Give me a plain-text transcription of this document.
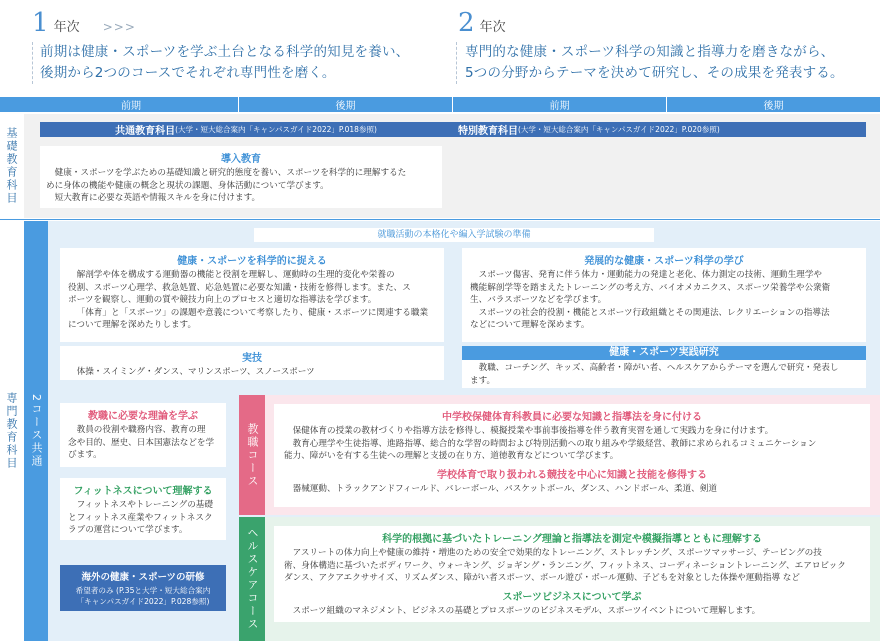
1 年次 >>>
前期は健康・スポーツを学ぶ土台となる科学的知見を養い、
後期から2つのコースでそれぞれ専門性を磨く。
2 年次
専門的な健康・スポーツ科学の知識と指導力を磨きながら、
5つの分野からテーマを決めて研究し、その成果を発表する。
前期	後期	前期	後期
基礎教育科目	共通教育科目 (大学・短大総合案内「キャンパスガイド2022」P.018参照)	特別教育科目 (大学・短大総合案内「キャンパスガイド2022」P.020参照)
導入教育
健康・スポーツを学ぶための基礎知識と研究的態度を養い、スポーツを科学的に理解するた
めに身体の機能や健康の概念と現状の課題、身体活動について学びます。
短大教育に必要な英語や情報スキルを身に付けます。
専門教育科目	2コース共通
就職活動の本格化や編入学試験の準備
健康・スポーツを科学的に捉える
解剖学や体を構成する運動器の機能と役割を理解し、運動時の生理的変化や栄養の
役割、スポーツ心理学、救急処置、応急処置に必要な知識・技術を修得します。また、ス
ポーツを観察し、運動の質や競技力向上のプロセスと適切な指導法を学びます。
「体育」と「スポーツ」の課題や意義について考察したり、健康・スポーツに関連する職業
について理解を深めたりします。
発展的な健康・スポーツ科学の学び
スポーツ傷害、発育に伴う体力・運動能力の発達と老化、体力測定の技術、運動生理学や
機能解剖学等を踏まえたトレーニングの考え方、バイオメカニクス、スポーツ栄養学や公衆衛
生、バラスポーツなどを学びます。
スポーツの社会的役割・機能とスポーツ行政組織とその関連法、レクリエーションの指導法
などについて理解を深めます。
実技
体操・スイミング・ダンス、マリンスポーツ、スノースポーツ
健康・スポーツ実践研究
教職、コーチング、キッズ、高齢者・障がい者、ヘルスケアからテーマを選んで研究・発表し
ます。
教職に必要な理論を学ぶ
教員の役割や職務内容、教育の理
念や目的、歴史、日本国憲法などを学
びます。
フィットネスについて理解する
フィットネスやトレーニングの基礎
とフィットネス産業やフィットネスク
ラブの運営について学びます。
海外の健康・スポーツの研修
希望者のみ (P.35と大学・短大総合案内
「キャンパスガイド2022」P.028参照)
教職コース
中学校保健体育科教員に必要な知識と指導法を身に付ける
保健体育の授業の教材づくりや指導方法を修得し、模擬授業や事前事後指導を伴う教育実習を通して実践力を身に付けます。
教育心理学や生徒指導、進路指導、総合的な学習の時間および特別活動への取り組みや学級経営、教師に求められるコミュニケーション
能力、障がいを有する生徒への理解と支援の在り方、道徳教育などについて学びます。
学校体育で取り扱われる競技を中心に知識と技能を修得する
器械運動、トラックアンドフィールド、バレーボール、バスケットボール、ダンス、ハンドボール、柔道、剣道
ヘルスケアコース	科学的根拠に基づいたトレーニング理論と指導法を測定や模擬指導とともに理解する
アスリートの体力向上や健康の維持・増進のための安全で効果的なトレーニング、ストレッチング、スポーツマッサージ、テーピングの技
術、身体構造に基づいたボディワーク、ウォーキング、ジョギング・ランニング、フィットネス、コーディネーショントレーニング、エアロビック
ダンス、アクアエクササイズ、リズムダンス、障がい者スポーツ、ボール遊び・ボール運動、子どもを対象とした体操や運動指導 など
スポーツビジネスについて学ぶ
スポーツ組織のマネジメント、ビジネスの基礎とプロスポーツのビジネスモデル、スポーツイベントについて理解します。
